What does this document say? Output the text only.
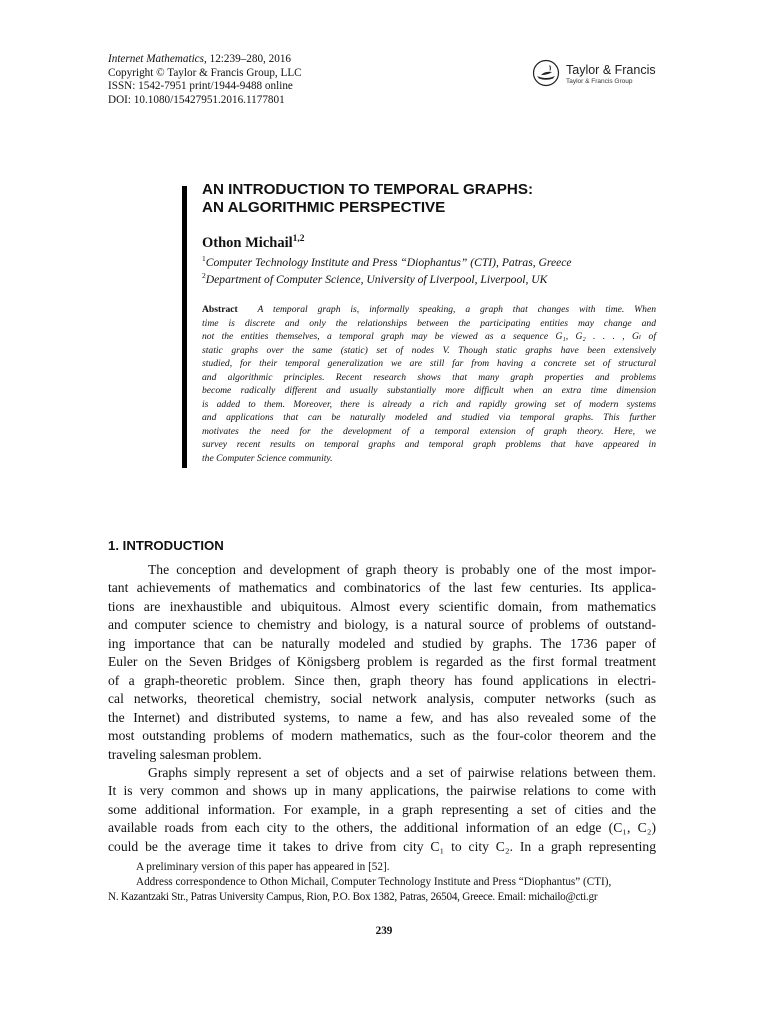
Internet Mathematics, 12:239–280, 2016
Copyright © Taylor & Francis Group, LLC
ISSN: 1542-7951 print/1944-9488 online
DOI: 10.1080/15427951.2016.1177801
Taylor & Francis
Taylor & Francis Group
AN INTRODUCTION TO TEMPORAL GRAPHS:
AN ALGORITHMIC PERSPECTIVE
Othon Michail$^{1,2}$
$^1$Computer Technology Institute and Press “Diophantus” (CTI), Patras, Greece
$^2$Department of Computer Science, University of Liverpool, Liverpool, UK
Abstract A temporal graph is, informally speaking, a graph that changes with time. When
time is discrete and only the relationships between the participating entities may change and
not the entities themselves, a temporal graph may be viewed as a sequence G₁, G₂ . . . , Gₗ of
static graphs over the same (static) set of nodes V. Though static graphs have been extensively
studied, for their temporal generalization we are still far from having a concrete set of structural
and algorithmic principles. Recent research shows that many graph properties and problems
become radically different and usually substantially more difficult when an extra time dimension
is added to them. Moreover, there is already a rich and rapidly growing set of modern systems
and applications that can be naturally modeled and studied via temporal graphs. This further
motivates the need for the development of a temporal extension of graph theory. Here, we
survey recent results on temporal graphs and temporal graph problems that have appeared in
the Computer Science community.
1. INTRODUCTION
The conception and development of graph theory is probably one of the most impor-
tant achievements of mathematics and combinatorics of the last few centuries. Its applica-
tions are inexhaustible and ubiquitous. Almost every scientific domain, from mathematics
and computer science to chemistry and biology, is a natural source of problems of outstand-
ing importance that can be naturally modeled and studied by graphs. The 1736 paper of
Euler on the Seven Bridges of Königsberg problem is regarded as the first formal treatment
of a graph-theoretic problem. Since then, graph theory has found applications in electri-
cal networks, theoretical chemistry, social network analysis, computer networks (such as
the Internet) and distributed systems, to name a few, and has also revealed some of the
most outstanding problems of modern mathematics, such as the four-color theorem and the
traveling salesman problem.
Graphs simply represent a set of objects and a set of pairwise relations between them.
It is very common and shows up in many applications, the pairwise relations to come with
some additional information. For example, in a graph representing a set of cities and the
available roads from each city to the others, the additional information of an edge (C₁, C₂)
could be the average time it takes to drive from city C₁ to city C₂. In a graph representing
A preliminary version of this paper has appeared in [52].
Address correspondence to Othon Michail, Computer Technology Institute and Press “Diophantus” (CTI),
N. Kazantzaki Str., Patras University Campus, Rion, P.O. Box 1382, Patras, 26504, Greece. Email: michailo@cti.gr
239
